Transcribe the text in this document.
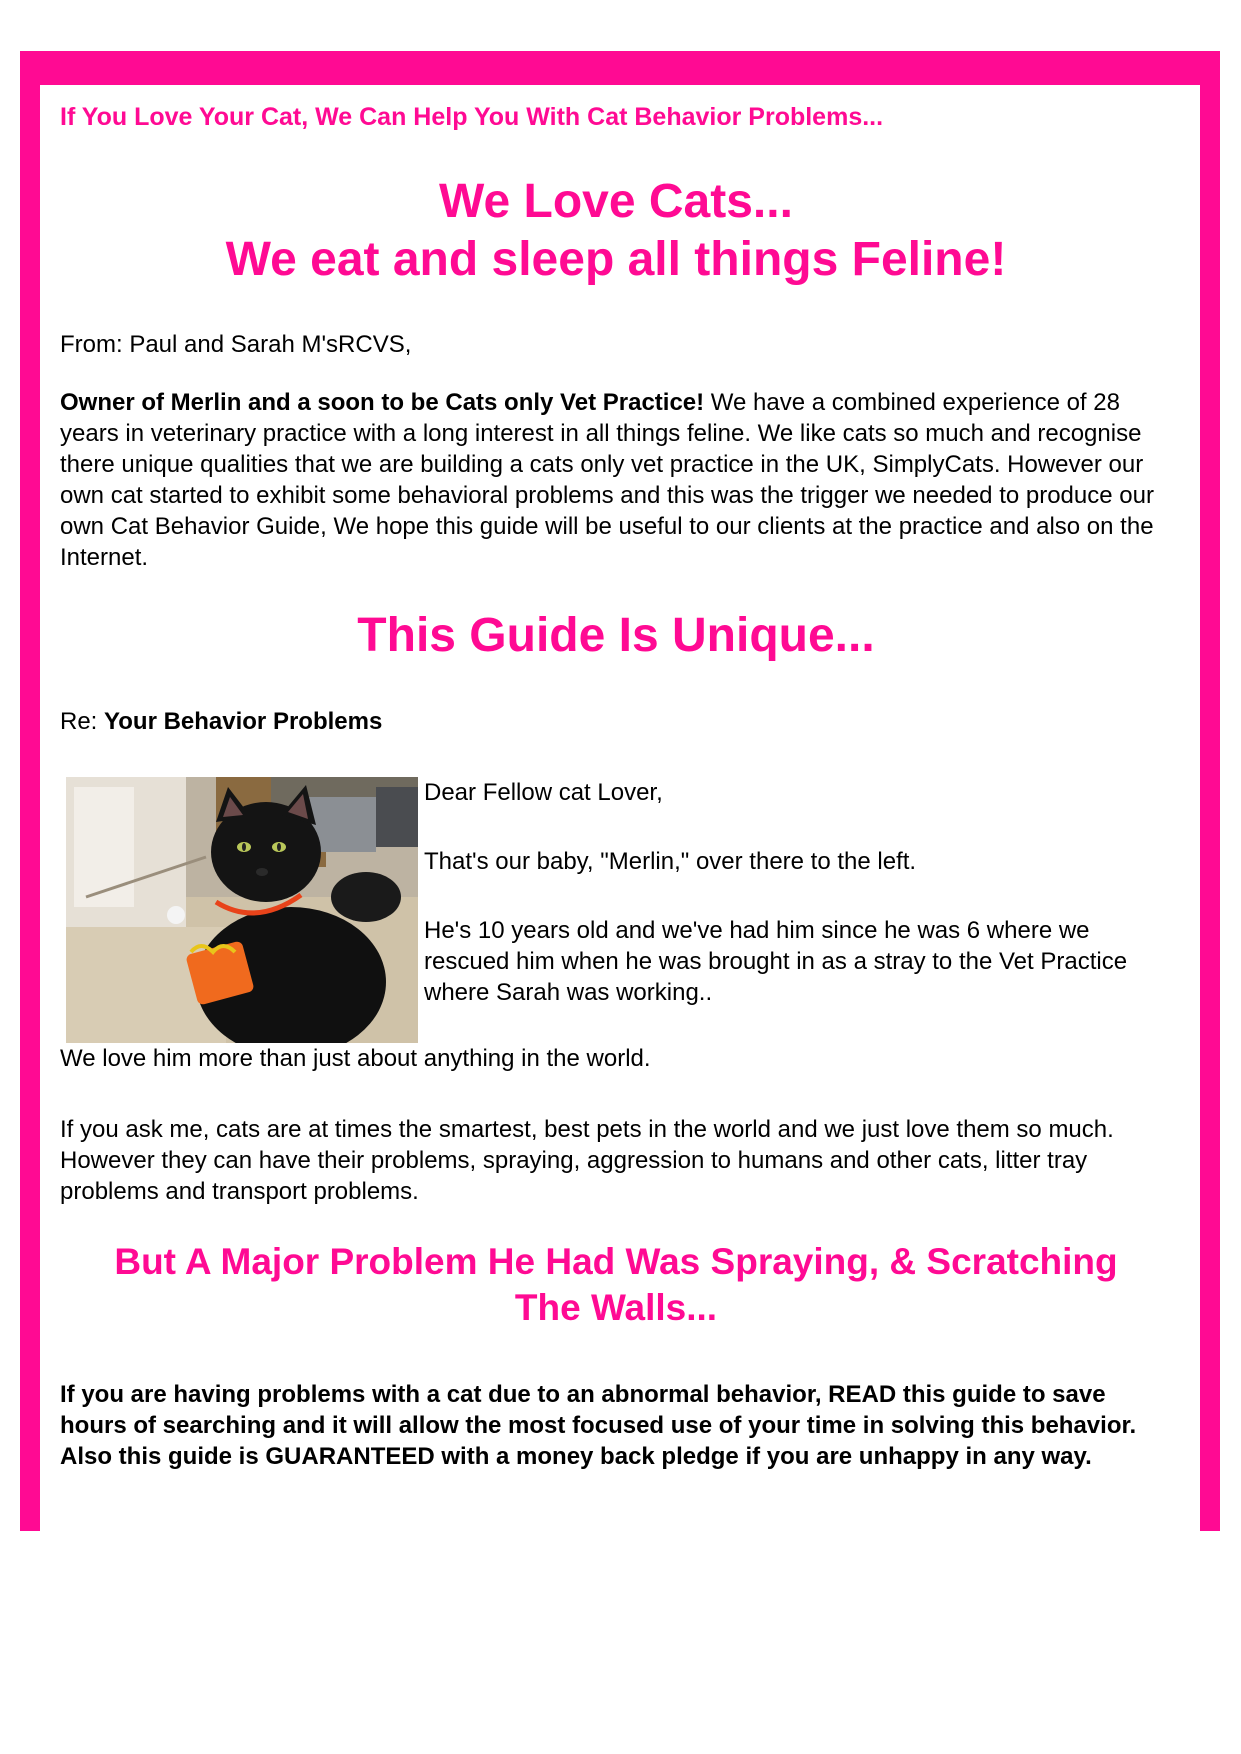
If You Love Your Cat, We Can Help You With Cat Behavior Problems...

We Love Cats...
We eat and sleep all things Feline!

From: Paul and Sarah M'sRCVS,

Owner of Merlin and a soon to be Cats only Vet Practice! We have a combined experience of 28 years in veterinary practice with a long interest in all things feline. We like cats so much and recognise there unique qualities that we are building a cats only vet practice in the UK, SimplyCats. However our own cat started to exhibit some behavioral problems and this was the trigger we needed to produce our own Cat Behavior Guide, We hope this guide will be useful to our clients at the practice and also on the Internet.

This Guide Is Unique...

Re: Your Behavior Problems

Dear Fellow cat Lover,

That's our baby, "Merlin," over there to the left.

He's 10 years old and we've had him since he was 6 where we rescued him when he was brought in as a stray to the Vet Practice where Sarah was working..

We love him more than just about anything in the world.

If you ask me, cats are at times the smartest, best pets in the world and we just love them so much. However they can have their problems, spraying, aggression to humans and other cats, litter tray problems and transport problems.

But A Major Problem He Had Was Spraying, & Scratching
The Walls...

If you are having problems with a cat due to an abnormal behavior, READ this guide to save hours of searching and it will allow the most focused use of your time in solving this behavior. Also this guide is GUARANTEED with a money back pledge if you are unhappy in any way.
